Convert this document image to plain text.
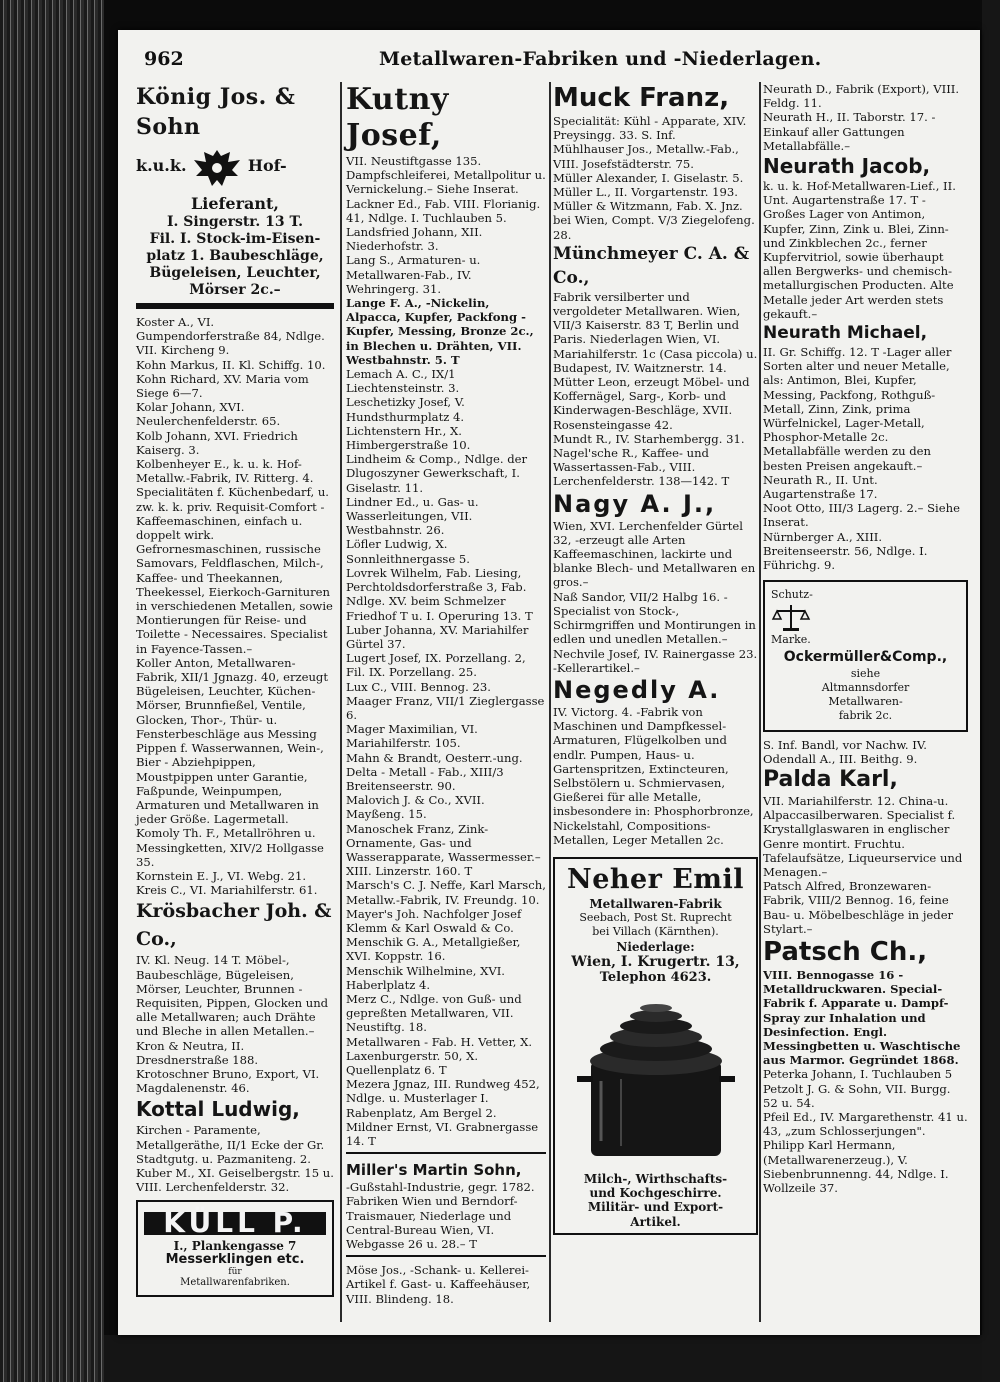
962	Metallwaren-Fabriken und -Niederlagen.
König Jos. & Sohn
k.u.k.	Hof-
Lieferant,
I. Singerstr. 13 T.
Fil. I. Stock-im-Eisen-
platz 1. Baubeschläge,
Bügeleisen, Leuchter,
Mörser 2c.–
Koster A., VI. Gumpendorferstraße 84, Ndlge. VII. Kircheng 9.
Kohn Markus, II. Kl. Schiffg. 10.
Kohn Richard, XV. Maria vom Siege 6—7.
Kolar Johann, XVI. Neulerchenfelderstr. 65.
Kolb Johann, XVI. Friedrich Kaiserg. 3.
Kolbenheyer E., k. u. k. Hof-Metallw.-Fabrik, IV. Ritterg. 4. Specialitäten f. Küchenbedarf, u. zw. k. k. priv. Requisit-Comfort - Kaffeemaschinen, einfach u. doppelt wirk. Gefrornesmaschinen, russische Samovars, Feldflaschen, Milch-, Kaffee- und Theekannen, Theekessel, Eierkoch-Garnituren in verschiedenen Metallen, sowie Montierungen für Reise- und Toilette - Necessaires. Specialist in Fayence-Tassen.–
Koller Anton, Metallwaren-Fabrik, XII/1 Jgnazg. 40, erzeugt Bügeleisen, Leuchter, Küchen-Mörser, Brunnfießel, Ventile, Glocken, Thor-, Thür- u. Fensterbeschläge aus Messing Pippen f. Wasserwannen, Wein-, Bier - Abziehpippen, Moustpippen unter Garantie, Faßpunde, Weinpumpen, Armaturen und Metallwaren in jeder Größe. Lagermetall.
Komoly Th. F., Metallröhren u. Messingketten, XIV/2 Hollgasse 35.
Kornstein E. J., VI. Webg. 21.
Kreis C., VI. Mariahilferstr. 61.
Krösbacher Joh. & Co.,
IV. Kl. Neug. 14 T. Möbel-, Baubeschläge, Bügeleisen, Mörser, Leuchter, Brunnen - Requisiten, Pippen, Glocken und alle Metallwaren; auch Drähte und Bleche in allen Metallen.–
Kron & Neutra, II. Dresdnerstraße 188.
Krotoschner Bruno, Export, VI. Magdalenenstr. 46.
Kottal Ludwig,
Kirchen - Paramente, Metallgeräthe, II/1 Ecke der Gr. Stadtgutg. u. Pazmaniteng. 2.
Kuber M., XI. Geiselbergstr. 15 u. VIII. Lerchenfelderstr. 32.
KÜLL P.
I., Plankengasse 7
Messerklingen etc.
für
Metallwarenfabriken.
Kutny Josef,
VII. Neustiftgasse 135. Dampfschleiferei, Metallpolitur u. Vernickelung.– Siehe Inserat.
Lackner Ed., Fab. VIII. Florianig. 41, Ndlge. I. Tuchlauben 5.
Landsfried Johann, XII. Niederhofstr. 3.
Lang S., Armaturen- u. Metallwaren-Fab., IV. Wehringerg. 31.
Lange F. A., -Nickelin, Alpacca, Kupfer, Packfong - Kupfer, Messing, Bronze 2c., in Blechen u. Drähten, VII. Westbahnstr. 5. T
Lemach A. C., IX/1 Liechtensteinstr. 3.
Leschetizky Josef, V. Hundsthurmplatz 4.
Lichtenstern Hr., X. Himbergerstraße 10.
Lindheim & Comp., Ndlge. der Dlugoszyner Gewerkschaft, I. Giselastr. 11.
Lindner Ed., u. Gas- u. Wasserleitungen, VII. Westbahnstr. 26.
Löfler Ludwig, X. Sonnleithnergasse 5.
Lovrek Wilhelm, Fab. Liesing, Perchtoldsdorferstraße 3, Fab. Ndlge. XV. beim Schmelzer Friedhof T u. I. Operuring 13. T
Luber Johanna, XV. Mariahilfer Gürtel 37.
Lugert Josef, IX. Porzellang. 2, Fil. IX. Porzellang. 25.
Lux C., VIII. Bennog. 23.
Maager Franz, VII/1 Zieglergasse 6.
Mager Maximilian, VI. Mariahilferstr. 105.
Mahn & Brandt, Oesterr.-ung. Delta - Metall - Fab., XIII/3 Breitenseerstr. 90.
Malovich J. & Co., XVII. Mayßeng. 15.
Manoschek Franz, Zink-Ornamente, Gas- und Wasserapparate, Wassermesser.– XIII. Linzerstr. 160. T
Marsch's C. J. Neffe, Karl Marsch, Metallw.-Fabrik, IV. Freundg. 10.
Mayer's Joh. Nachfolger Josef Klemm & Karl Oswald & Co.
Menschik G. A., Metallgießer, XVI. Koppstr. 16.
Menschik Wilhelmine, XVI. Haberlplatz 4.
Merz C., Ndlge. von Guß- und gepreßten Metallwaren, VII. Neustiftg. 18.
Metallwaren - Fab. H. Vetter, X. Laxenburgerstr. 50, X. Quellenplatz 6. T
Mezera Jgnaz, III. Rundweg 452, Ndlge. u. Musterlager I. Rabenplatz, Am Bergel 2.
Mildner Ernst, VI. Grabnergasse 14. T
Miller's Martin Sohn,
-Gußstahl-Industrie, gegr. 1782. Fabriken Wien und Berndorf-Traismauer, Niederlage und Central-Bureau Wien, VI. Webgasse 26 u. 28.– T
Möse Jos., -Schank- u. Kellerei-Artikel f. Gast- u. Kaffeehäuser, VIII. Blindeng. 18.
Muck Franz,
Specialität: Kühl - Apparate, XIV. Preysingg. 33. S. Inf.
Mühlhauser Jos., Metallw.-Fab., VIII. Josefstädterstr. 75.
Müller Alexander, I. Giselastr. 5.
Müller L., II. Vorgartenstr. 193.
Müller & Witzmann, Fab. X. Jnz. bei Wien, Compt. V/3 Ziegelofeng. 28.
Münchmeyer C. A. & Co.,
Fabrik versilberter und vergoldeter Metallwaren. Wien, VII/3 Kaiserstr. 83 T, Berlin und Paris. Niederlagen Wien, VI. Mariahilferstr. 1c (Casa piccola) u. Budapest, IV. Waitznerstr. 14.
Mütter Leon, erzeugt Möbel- und Koffernägel, Sarg-, Korb- und Kinderwagen-Beschläge, XVII. Rosensteingasse 42.
Mundt R., IV. Starhembergg. 31.
Nagel'sche R., Kaffee- und Wassertassen-Fab., VIII. Lerchenfelderstr. 138—142. T
Nagy A. J.,
Wien, XVI. Lerchenfelder Gürtel 32, -erzeugt alle Arten Kaffeemaschinen, lackirte und blanke Blech- und Metallwaren en gros.–
Naß Sandor, VII/2 Halbg 16. -Specialist von Stock-, Schirmgriffen und Montirungen in edlen und unedlen Metallen.–
Nechvile Josef, IV. Rainergasse 23. -Kellerartikel.–
Negedly A.
IV. Victorg. 4. -Fabrik von Maschinen und Dampfkessel-Armaturen, Flügelkolben und endlr. Pumpen, Haus- u. Gartenspritzen, Extincteuren, Selbstölern u. Schmiervasen, Gießerei für alle Metalle, insbesondere in: Phosphorbronze, Nickelstahl, Compositions-Metallen, Leger Metallen 2c.
Neher Emil
Metallwaren-Fabrik
Seebach, Post St. Ruprecht
bei Villach (Kärnthen).
Niederlage:
Wien, I. Krugertr. 13,
Telephon 4623.
Milch-, Wirthschafts-
und Kochgeschirre.
Militär- und Export-
Artikel.
Neurath D., Fabrik (Export), VIII. Feldg. 11.
Neurath H., II. Taborstr. 17. -Einkauf aller Gattungen Metallabfälle.–
Neurath Jacob,
k. u. k. Hof-Metallwaren-Lief., II. Unt. Augartenstraße 17. T -Großes Lager von Antimon, Kupfer, Zinn, Zink u. Blei, Zinn- und Zinkblechen 2c., ferner Kupfervitriol, sowie überhaupt allen Bergwerks- und chemisch-metallurgischen Producten. Alte Metalle jeder Art werden stets gekauft.–
Neurath Michael,
II. Gr. Schiffg. 12. T -Lager aller Sorten alter und neuer Metalle, als: Antimon, Blei, Kupfer, Messing, Packfong, Rothguß-Metall, Zinn, Zink, prima Würfelnickel, Lager-Metall, Phosphor-Metalle 2c. Metallabfälle werden zu den besten Preisen angekauft.–
Neurath R., II. Unt. Augartenstraße 17.
Noot Otto, III/3 Lagerg. 2.– Siehe Inserat.
Nürnberger A., XIII. Breitenseerstr. 56, Ndlge. I. Führichg. 9.
Schutz-
Marke.
Ockermüller&Comp.,
siehe
Altmannsdorfer
Metallwaren-
fabrik 2c.
S. Inf. Bandl, vor Nachw. IV.
Odendall A., III. Beithg. 9.
Palda Karl,
VII. Mariahilferstr. 12. China-u. Alpaccasilberwaren. Specialist f. Krystallglaswaren in englischer Genre montirt. Fruchtu. Tafelaufsätze, Liqueurservice und Menagen.–
Patsch Alfred, Bronzewaren-Fabrik, VIII/2 Bennog. 16, feine Bau- u. Möbelbeschläge in jeder Stylart.–
Patsch Ch.,
VIII. Bennogasse 16 -Metalldruckwaren. Special-Fabrik f. Apparate u. Dampf-Spray zur Inhalation und Desinfection. Engl. Messingbetten u. Waschtische aus Marmor. Gegründet 1868.
Peterka Johann, I. Tuchlauben 5
Petzolt J. G. & Sohn, VII. Burgg. 52 u. 54.
Pfeil Ed., IV. Margarethenstr. 41 u. 43, „zum Schlosserjungen".
Philipp Karl Hermann, (Metallwarenerzeug.), V. Siebenbrunnenng. 44, Ndlge. I. Wollzeile 37.
